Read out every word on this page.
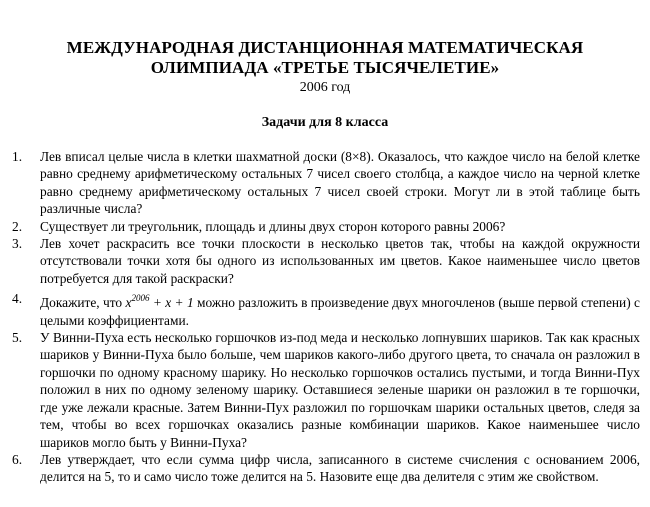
МЕЖДУНАРОДНАЯ ДИСТАНЦИОННАЯ МАТЕМАТИЧЕСКАЯ
ОЛИМПИАДА «ТРЕТЬЕ ТЫСЯЧЕЛЕТИЕ»
2006 год
Задачи для 8 класса
1. Лев вписал целые числа в клетки шахматной доски (8×8). Оказалось, что каждое число на белой клетке равно среднему арифметическому остальных 7 чисел своего столбца, а каждое число на черной клетке равно среднему арифметическому остальных 7 чисел своей строки. Могут ли в этой таблице быть различные числа?
2. Существует ли треугольник, площадь и длины двух сторон которого равны 2006?
3. Лев хочет раскрасить все точки плоскости в несколько цветов так, чтобы на каждой окружности отсутствовали точки хотя бы одного из использованных им цветов. Какое наименьшее число цветов потребуется для такой раскраски?
4. Докажите, что $x^{2006} + x + 1$ можно разложить в произведение двух многочленов (выше первой степени) с целыми коэффициентами.
5. У Винни-Пуха есть несколько горшочков из-под меда и несколько лопнувших шариков. Так как красных шариков у Винни-Пуха было больше, чем шариков какого-либо другого цвета, то сначала он разложил в горшочки по одному красному шарику. Но несколько горшочков остались пустыми, и тогда Винни-Пух положил в них по одному зеленому шарику. Оставшиеся зеленые шарики он разложил в те горшочки, где уже лежали красные. Затем Винни-Пух разложил по горшочкам шарики остальных цветов, следя за тем, чтобы во всех горшочках оказались разные комбинации шариков. Какое наименьшее число шариков могло быть у Винни-Пуха?
6. Лев утверждает, что если сумма цифр числа, записанного в системе счисления с основанием 2006, делится на 5, то и само число тоже делится на 5. Назовите еще два делителя с этим же свойством.
